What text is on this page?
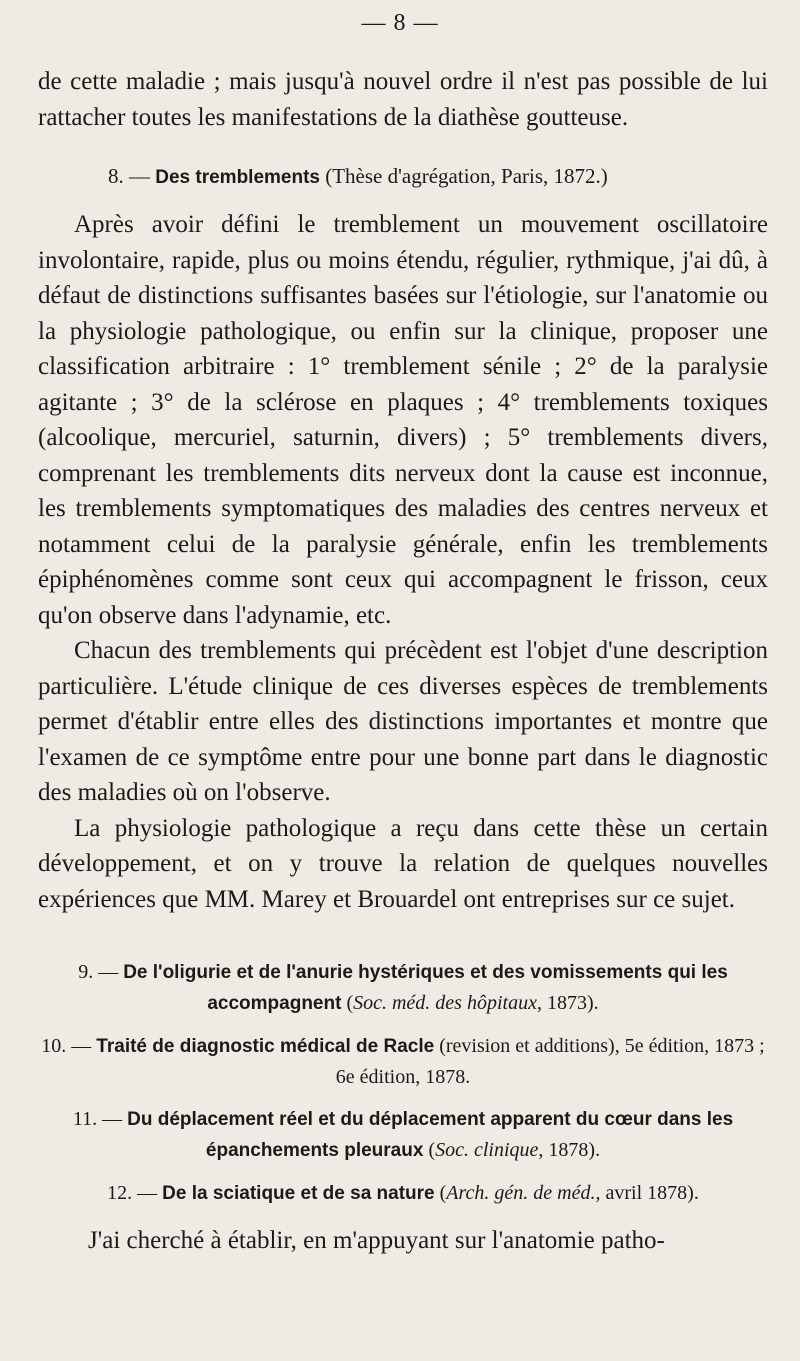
— 8 —

de cette maladie ; mais jusqu'à nouvel ordre il n'est pas possible de lui rattacher toutes les manifestations de la diathèse goutteuse.

8. — Des tremblements (Thèse d'agrégation, Paris, 1872.)

Après avoir défini le tremblement un mouvement oscillatoire involontaire, rapide, plus ou moins étendu, régulier, rythmique, j'ai dû, à défaut de distinctions suffisantes basées sur l'étiologie, sur l'anatomie ou la physiologie pathologique, ou enfin sur la clinique, proposer une classification arbitraire : 1° tremblement sénile ; 2° de la paralysie agitante ; 3° de la sclérose en plaques ; 4° tremblements toxiques (alcoolique, mercuriel, saturnin, divers) ; 5° tremblements divers, comprenant les tremblements dits nerveux dont la cause est inconnue, les tremblements symptomatiques des maladies des centres nerveux et notamment celui de la paralysie générale, enfin les tremblements épiphénomènes comme sont ceux qui accompagnent le frisson, ceux qu'on observe dans l'adynamie, etc.

Chacun des tremblements qui précèdent est l'objet d'une description particulière. L'étude clinique de ces diverses espèces de tremblements permet d'établir entre elles des distinctions importantes et montre que l'examen de ce symptôme entre pour une bonne part dans le diagnostic des maladies où on l'observe.

La physiologie pathologique a reçu dans cette thèse un certain développement, et on y trouve la relation de quelques nouvelles expériences que MM. Marey et Brouardel ont entreprises sur ce sujet.

9. — De l'oligurie et de l'anurie hystériques et des vomissements qui les accompagnent (Soc. méd. des hôpitaux, 1873).

10. — Traité de diagnostic médical de Racle (revision et additions), 5e édition, 1873 ; 6e édition, 1878.

11. — Du déplacement réel et du déplacement apparent du cœur dans les épanchements pleuraux (Soc. clinique, 1878).

12. — De la sciatique et de sa nature (Arch. gén. de méd., avril 1878).

J'ai cherché à établir, en m'appuyant sur l'anatomie patho-
